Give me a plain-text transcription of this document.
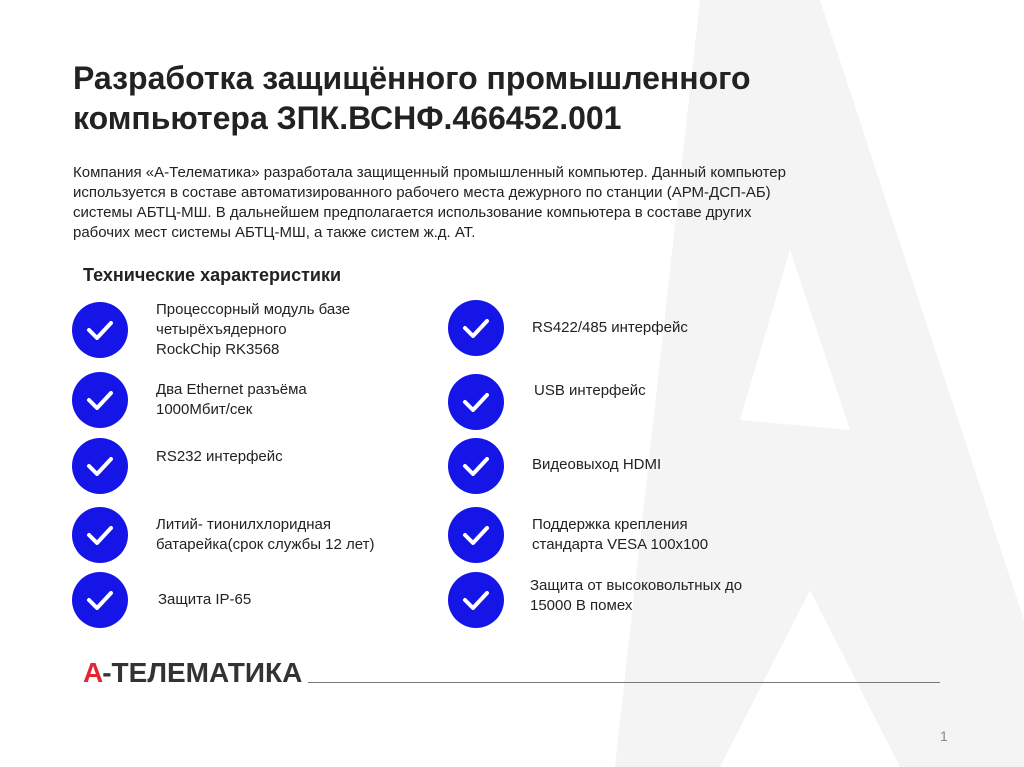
Разработка защищённого промышленного
компьютера ЗПК.ВСНФ.466452.001

Компания «А-Телематика» разработала защищенный промышленный компьютер. Данный компьютер
используется в составе автоматизированного рабочего места дежурного по станции (АРМ-ДСП-АБ)
системы АБТЦ-МШ. В дальнейшем предполагается использование компьютера в составе других
рабочих мест системы АБТЦ-МШ, а также систем ж.д. АТ.

Технические характеристики
Процессорный модуль базе
четырёхъядерного
RockChip RK3568
Два Ethernet разъёма
1000Мбит/сек
RS232 интерфейс
Литий- тионилхлоридная
батарейка(срок службы 12 лет)
Защита IP-65
RS422/485 интерфейс
USB интерфейс
Видеовыход HDMI
Поддержка крепления
стандарта VESA 100x100
Защита от высоковольтных до
15000 В помех
А -ТЕЛЕМАТИКА
1
